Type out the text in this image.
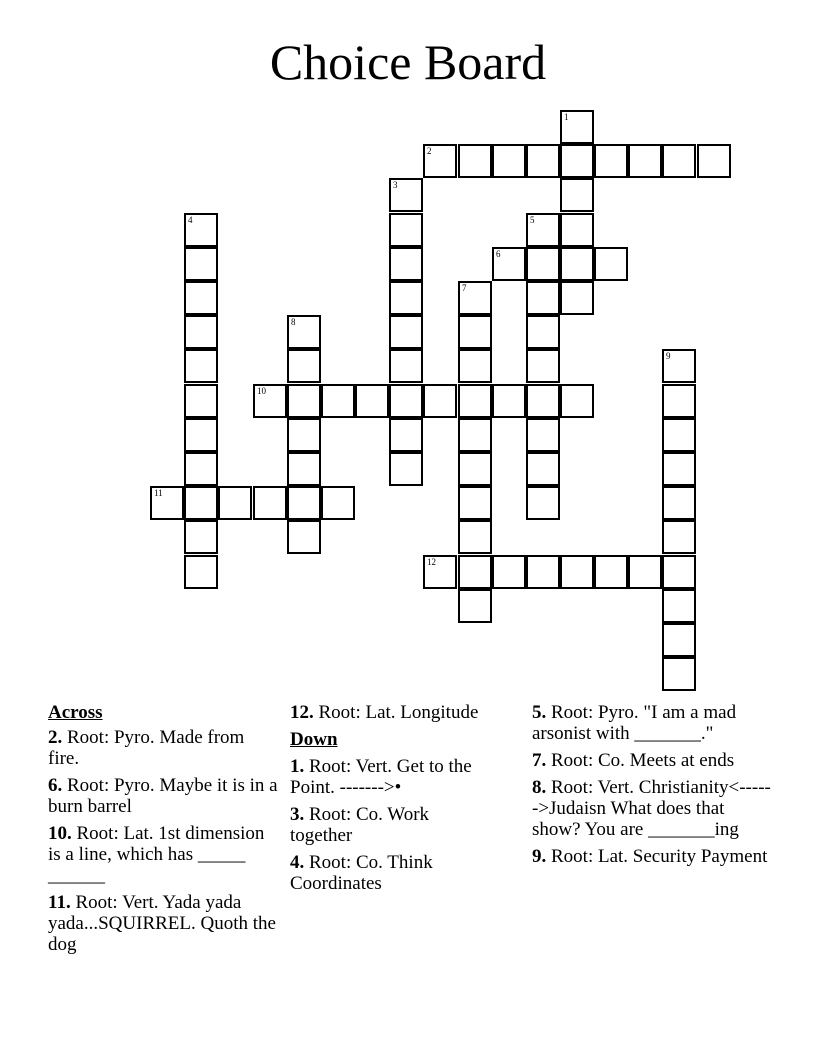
Choice Board
1
2
3
4	5
6
7
8
9
10
11
12
Across
2. Root: Pyro. Made from fire.
6. Root: Pyro. Maybe it is in a burn barrel
10. Root: Lat. 1st dimension is a line, which has _____ ______
11. Root: Vert. Yada yada yada...SQUIRREL. Quoth the dog
12. Root: Lat. Longitude
Down
1. Root: Vert. Get to the Point. ------->•
3. Root: Co. Work together
4. Root: Co. Think Coordinates
5. Root: Pyro. "I am a mad arsonist with _______."
7. Root: Co. Meets at ends
8. Root: Vert. Christianity<------>Judaisn What does that show? You are _______ing
9. Root: Lat. Security Payment
